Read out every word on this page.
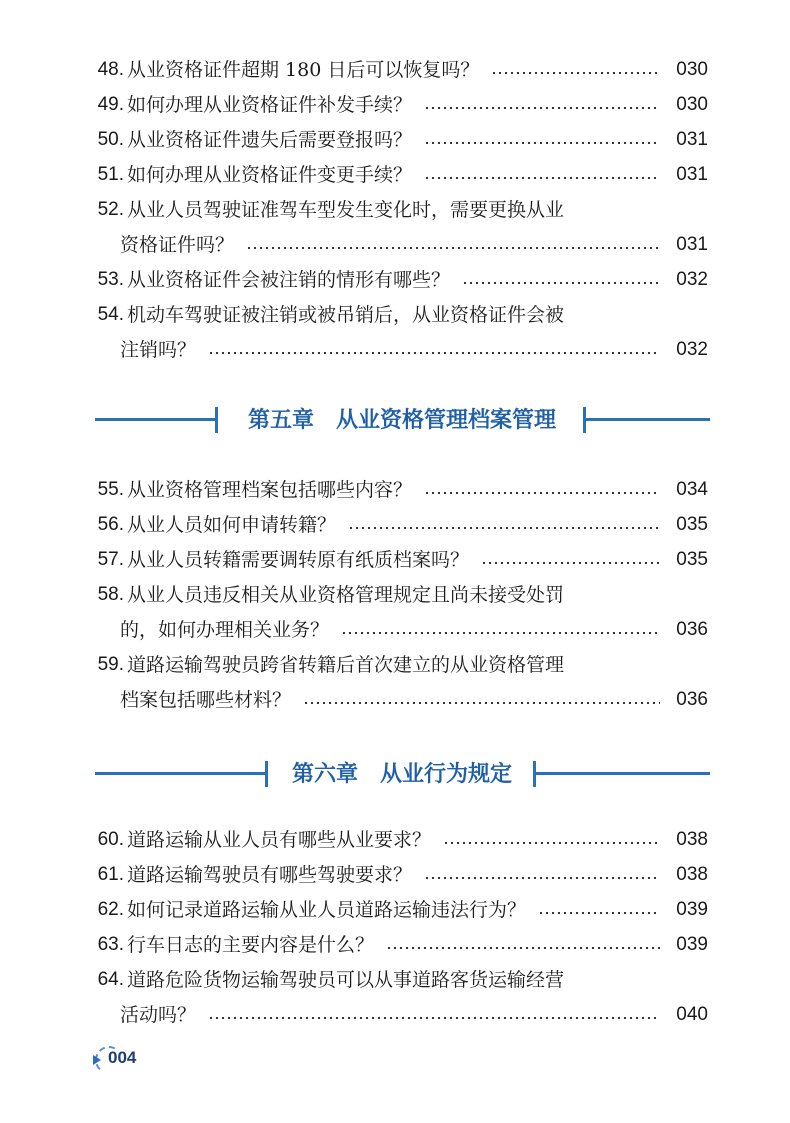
48. 从业资格证件超期 180 日后可以恢复吗？	030
49. 如何办理从业资格证件补发手续？	030
50. 从业资格证件遗失后需要登报吗？	031
51. 如何办理从业资格证件变更手续？	031
52. 从业人员驾驶证准驾车型发生变化时，需要更换从业
资格证件吗？	031
53. 从业资格证件会被注销的情形有哪些？	032
54. 机动车驾驶证被注销或被吊销后，从业资格证件会被
注销吗？	032
55. 从业资格管理档案包括哪些内容？	034
56. 从业人员如何申请转籍？	035
57. 从业人员转籍需要调转原有纸质档案吗？	035
58. 从业人员违反相关从业资格管理规定且尚未接受处罚
的，如何办理相关业务？	036
59. 道路运输驾驶员跨省转籍后首次建立的从业资格管理
档案包括哪些材料？	036
60. 道路运输从业人员有哪些从业要求？	038
61. 道路运输驾驶员有哪些驾驶要求？	038
62. 如何记录道路运输从业人员道路运输违法行为？	039
63. 行车日志的主要内容是什么？	039
64. 道路危险货物运输驾驶员可以从事道路客货运输经营
活动吗？	040
第五章　从业资格管理档案管理
第六章　从业行为规定
004
